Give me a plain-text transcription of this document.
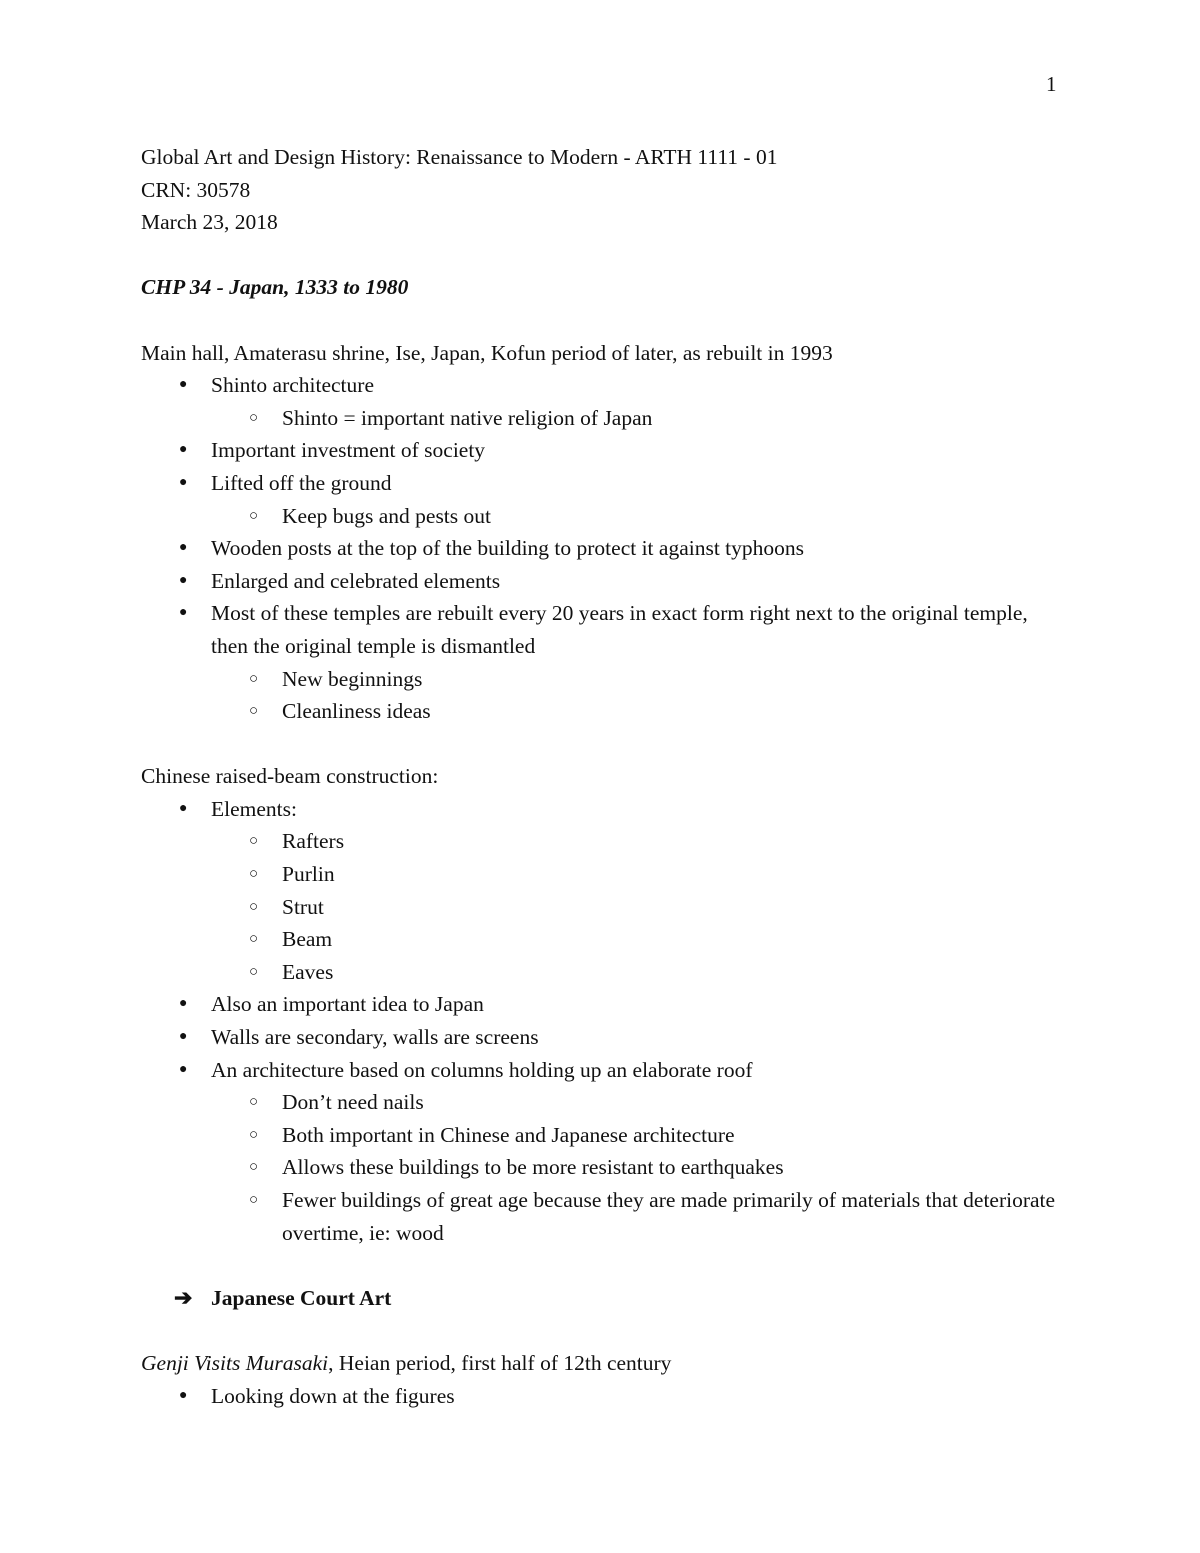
1
Global Art and Design History: Renaissance to Modern - ARTH 1111 - 01
CRN: 30578
March 23, 2018
CHP 34 - Japan, 1333 to 1980
Main hall, Amaterasu shrine, Ise, Japan, Kofun period of later, as rebuilt in 1993
● Shinto architecture
○ Shinto = important native religion of Japan
● Important investment of society
● Lifted off the ground
○ Keep bugs and pests out
● Wooden posts at the top of the building to protect it against typhoons
● Enlarged and celebrated elements
● Most of these temples are rebuilt every 20 years in exact form right next to the original temple, then the original temple is dismantled
○ New beginnings
○ Cleanliness ideas
Chinese raised-beam construction:
● Elements:
○ Rafters
○ Purlin
○ Strut
○ Beam
○ Eaves
● Also an important idea to Japan
● Walls are secondary, walls are screens
● An architecture based on columns holding up an elaborate roof
○ Don’t need nails
○ Both important in Chinese and Japanese architecture
○ Allows these buildings to be more resistant to earthquakes
○ Fewer buildings of great age because they are made primarily of materials that deteriorate overtime, ie: wood
➔ Japanese Court Art
Genji Visits Murasaki, Heian period, first half of 12th century
● Looking down at the figures
